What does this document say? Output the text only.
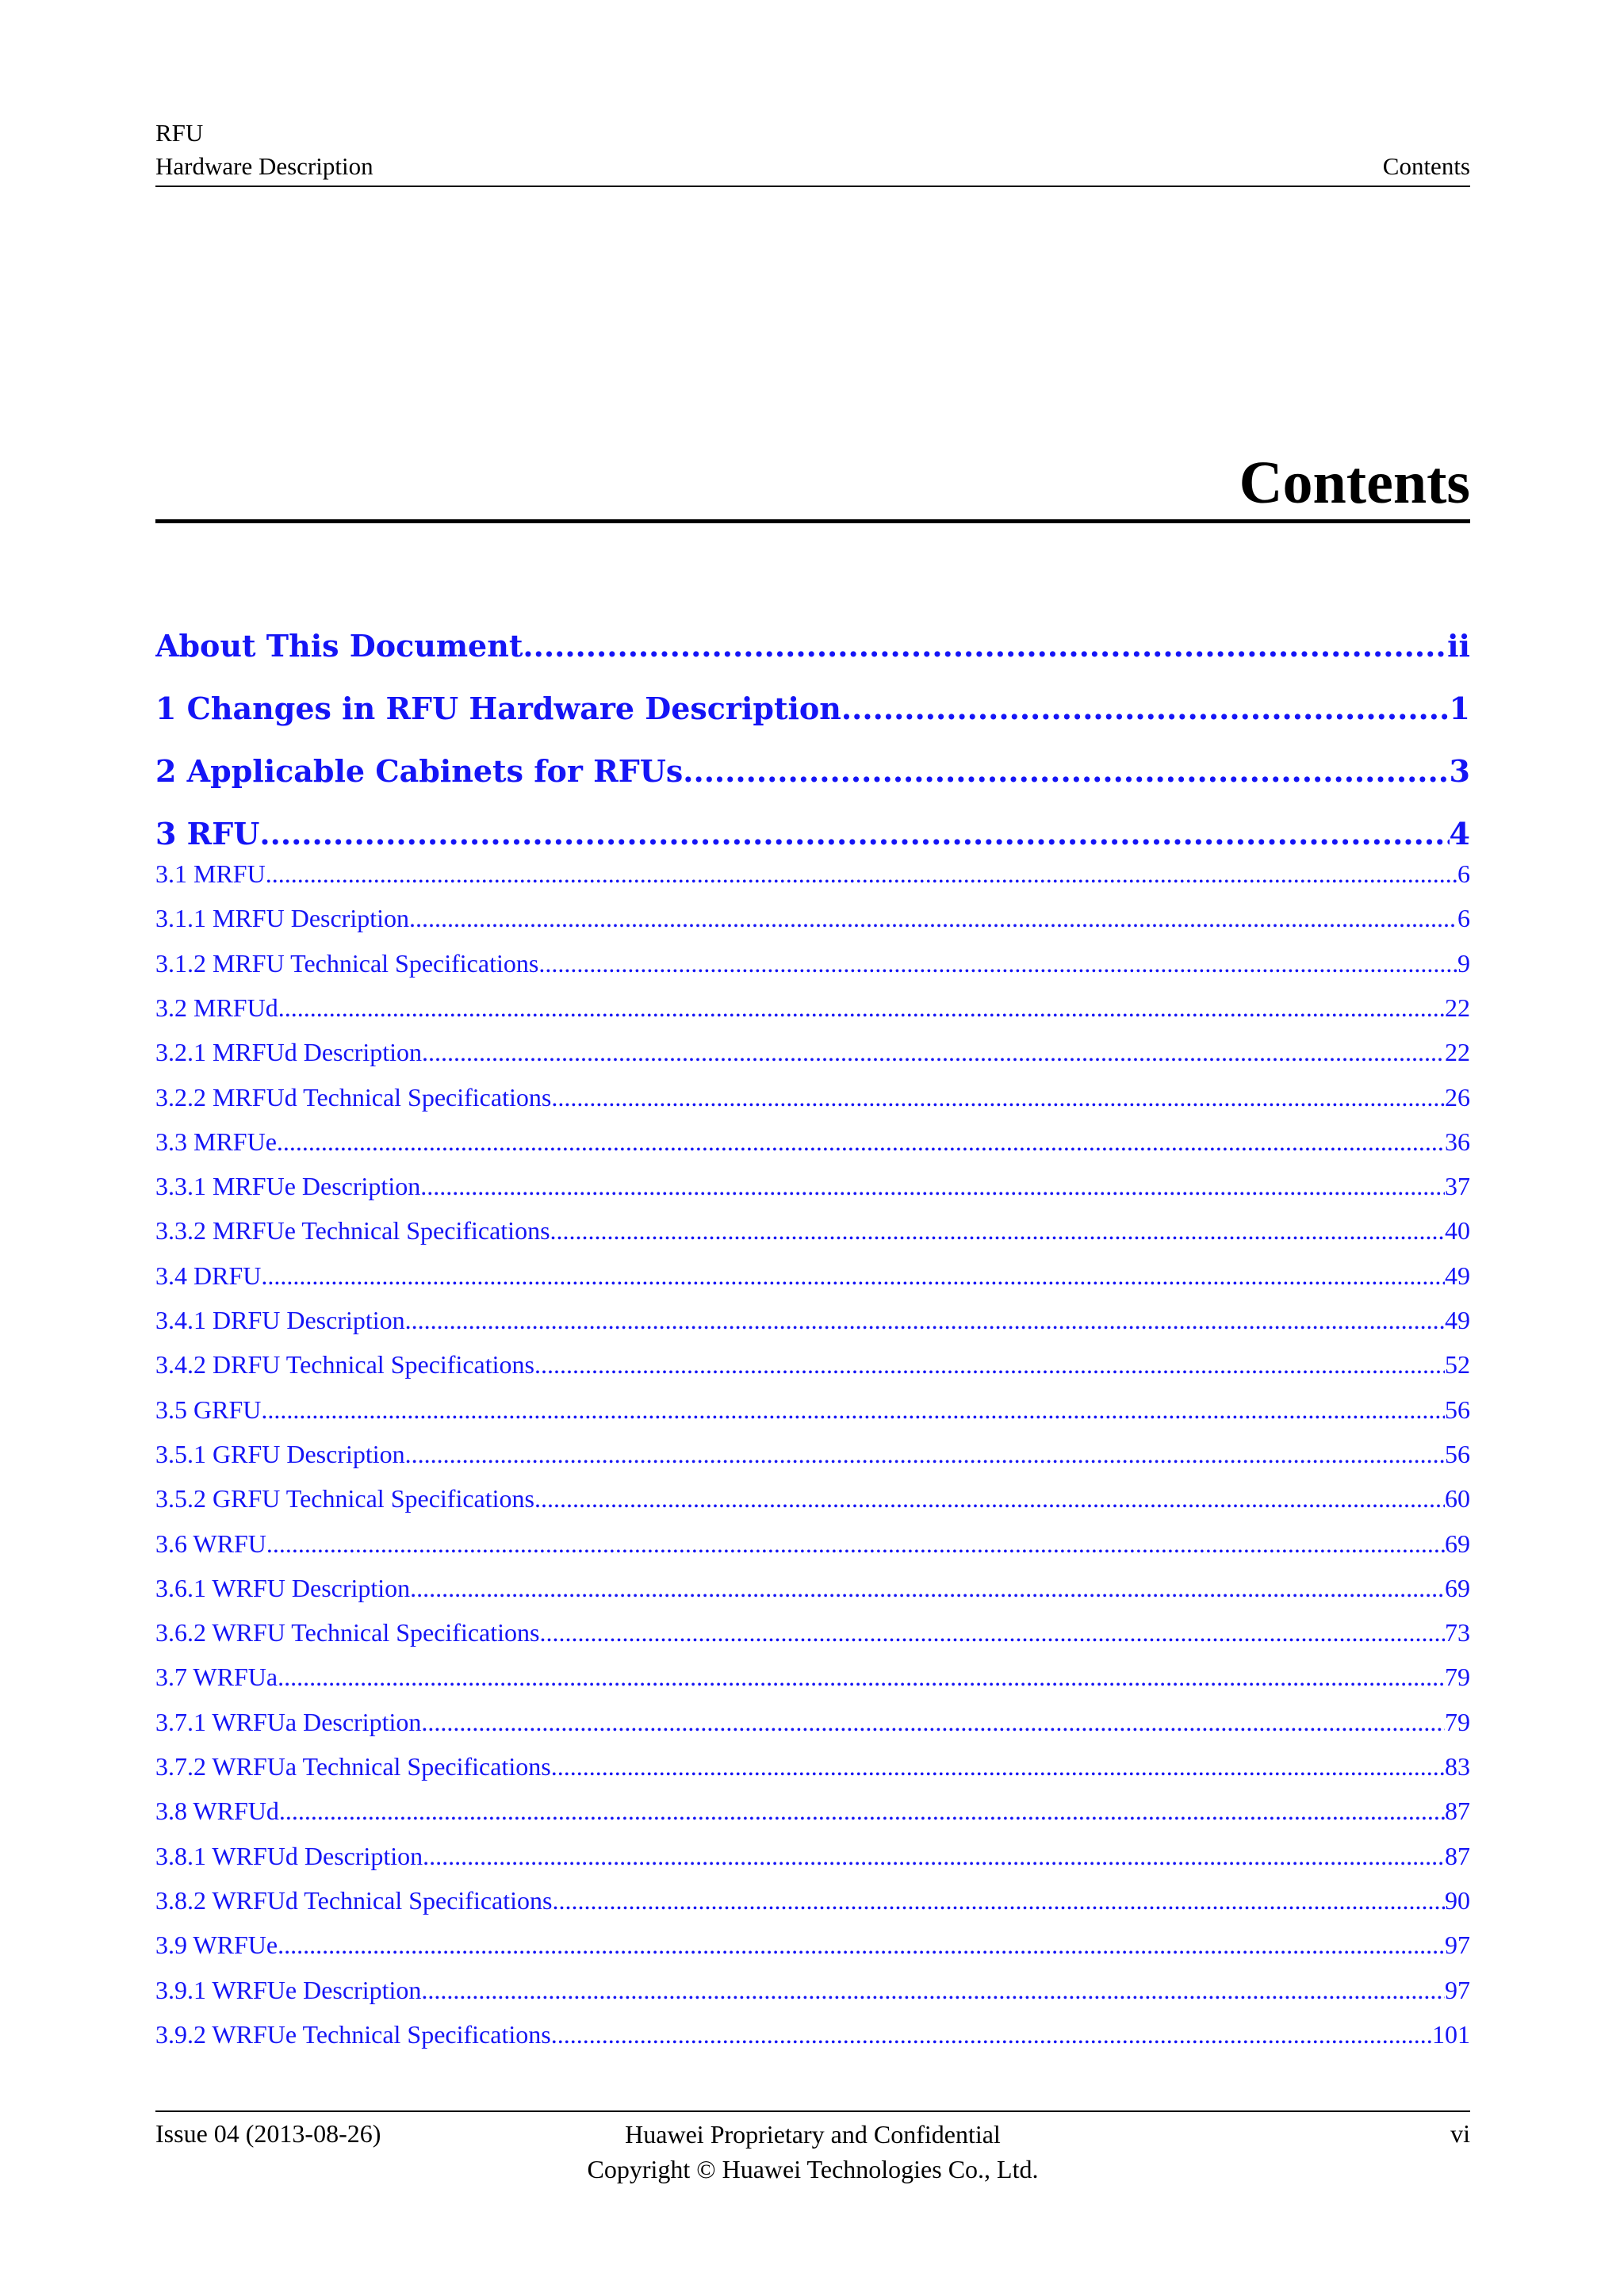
RFU
Hardware Description	Contents
Contents
About This Document .....	ii
1 Changes in RFU Hardware Description .....	1
2 Applicable Cabinets for RFUs .....	3
3 RFU .....	4
3.1 MRFU .....	6
3.1.1 MRFU Description .....	6
3.1.2 MRFU Technical Specifications .....	9
3.2 MRFUd .....	22
3.2.1 MRFUd Description .....	22
3.2.2 MRFUd Technical Specifications .....	26
3.3 MRFUe .....	36
3.3.1 MRFUe Description .....	37
3.3.2 MRFUe Technical Specifications .....	40
3.4 DRFU .....	49
3.4.1 DRFU Description .....	49
3.4.2 DRFU Technical Specifications .....	52
3.5 GRFU .....	56
3.5.1 GRFU Description .....	56
3.5.2 GRFU Technical Specifications .....	60
3.6 WRFU .....	69
3.6.1 WRFU Description .....	69
3.6.2 WRFU Technical Specifications .....	73
3.7 WRFUa .....	79
3.7.1 WRFUa Description .....	79
3.7.2 WRFUa Technical Specifications .....	83
3.8 WRFUd .....	87
3.8.1 WRFUd Description .....	87
3.8.2 WRFUd Technical Specifications .....	90
3.9 WRFUe .....	97
3.9.1 WRFUe Description .....	97
3.9.2 WRFUe Technical Specifications .....	101
Issue 04 (2013-08-26)	Huawei Proprietary and Confidential
Copyright © Huawei Technologies Co., Ltd.
vi
